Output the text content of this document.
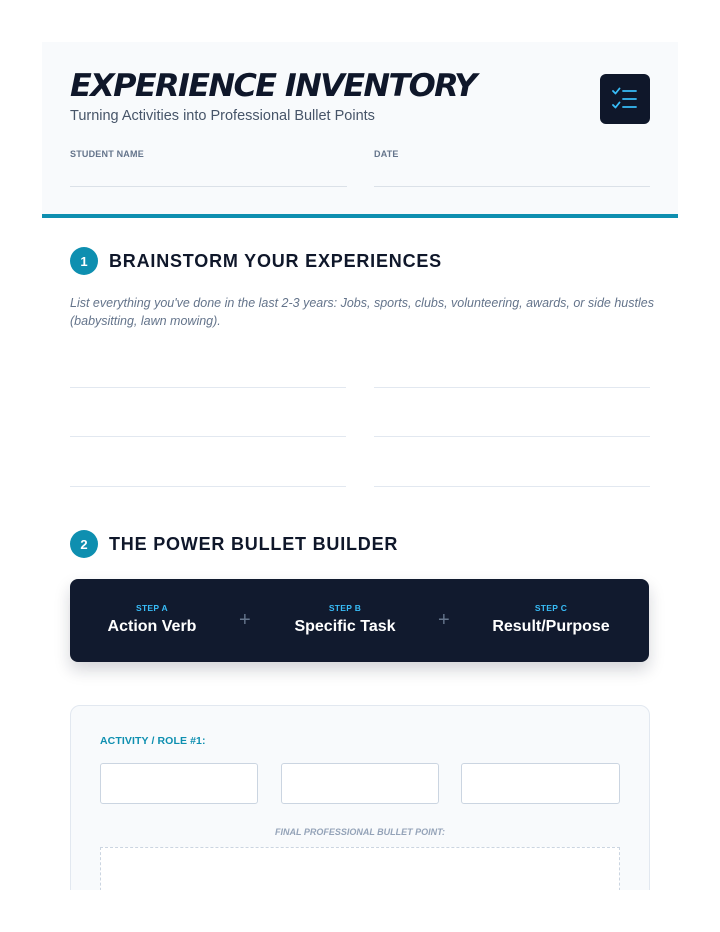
EXPERIENCE INVENTORY
Turning Activities into Professional Bullet Points
STUDENT NAME	DATE
1	BRAINSTORM YOUR EXPERIENCES
List everything you've done in the last 2-3 years: Jobs, sports, clubs, volunteering, awards, or side hustles (babysitting, lawn mowing).
2	THE POWER BULLET BUILDER
STEP A
Action Verb	+
STEP B
Specific Task	+
STEP C
Result/Purpose
ACTIVITY / ROLE #1:
FINAL PROFESSIONAL BULLET POINT:
